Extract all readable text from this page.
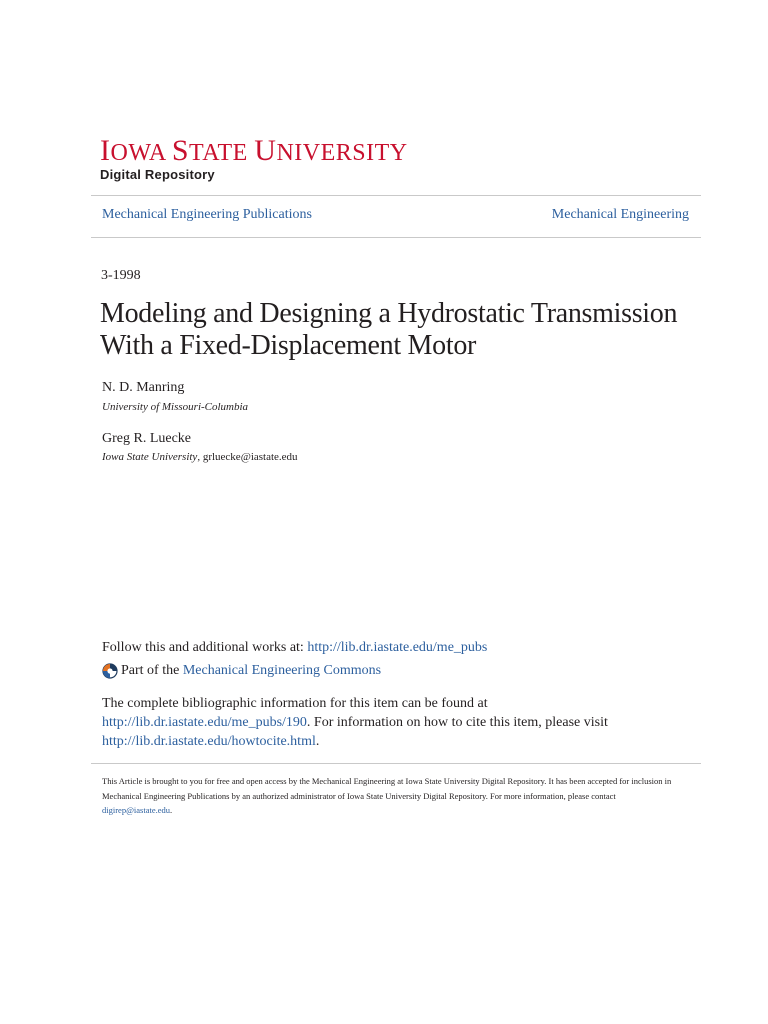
IOWA STATE UNIVERSITY
Digital Repository
Mechanical Engineering Publications	Mechanical Engineering
3-1998
Modeling and Designing a Hydrostatic Transmission With a Fixed-Displacement Motor
N. D. Manring
University of Missouri-Columbia
Greg R. Luecke
Iowa State University, grluecke@iastate.edu
Follow this and additional works at: http://lib.dr.iastate.edu/me_pubs
Part of the
Mechanical Engineering Commons
The complete bibliographic information for this item can be found at http://lib.dr.iastate.edu/me_pubs/190. For information on how to cite this item, please visit http://lib.dr.iastate.edu/howtocite.html.
This Article is brought to you for free and open access by the Mechanical Engineering at Iowa State University Digital Repository. It has been accepted for inclusion in Mechanical Engineering Publications by an authorized administrator of Iowa State University Digital Repository. For more information, please contact digirep@iastate.edu.
